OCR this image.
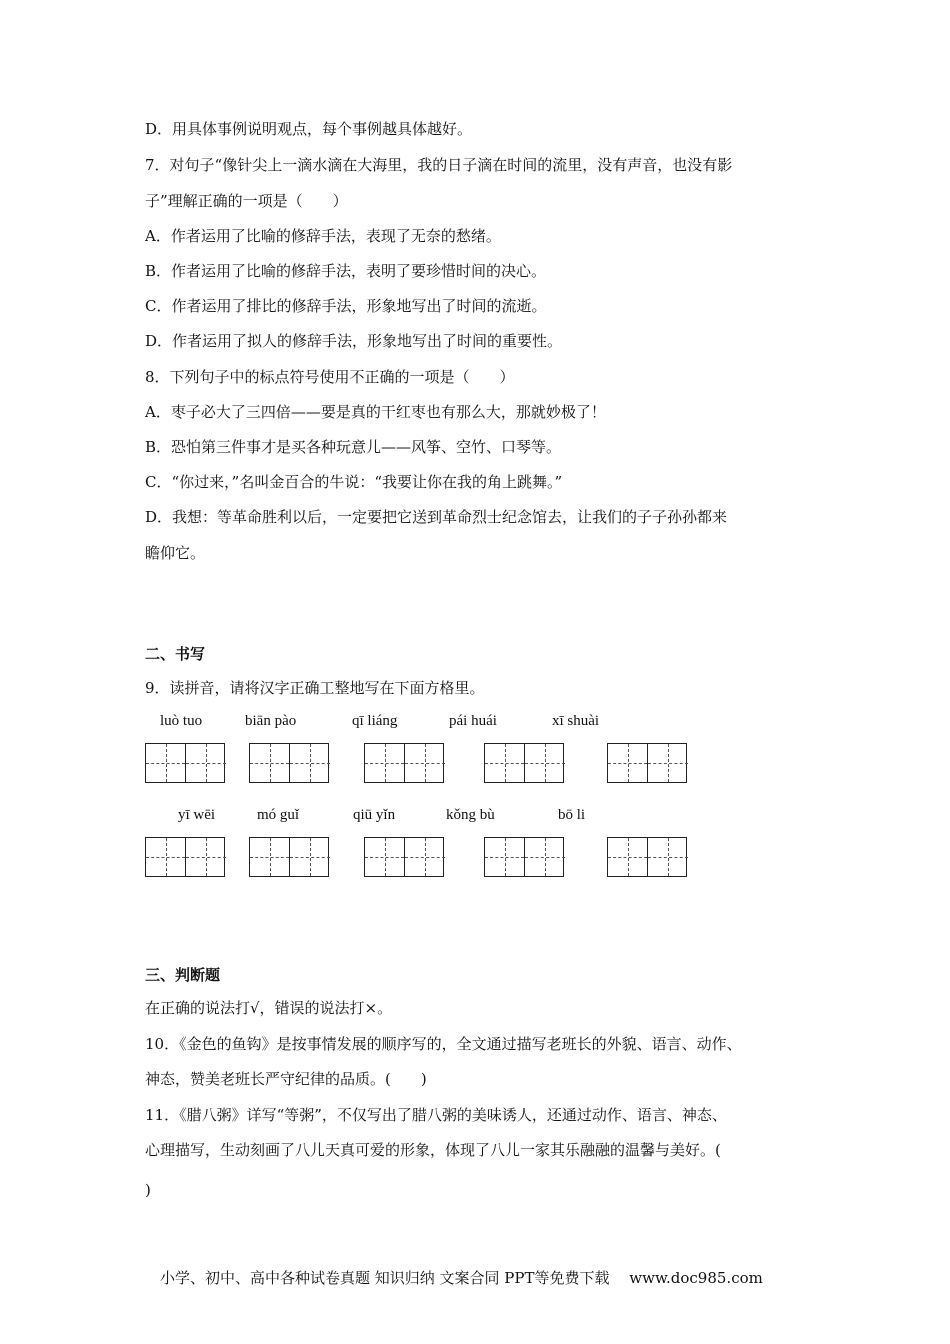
D．用具体事例说明观点，每个事例越具体越好。
7．对句子“像针尖上一滴水滴在大海里，我的日子滴在时间的流里，没有声音，也没有影
子”理解正确的一项是（　　）
A．作者运用了比喻的修辞手法，表现了无奈的愁绪。
B．作者运用了比喻的修辞手法，表明了要珍惜时间的决心。
C．作者运用了排比的修辞手法，形象地写出了时间的流逝。
D．作者运用了拟人的修辞手法，形象地写出了时间的重要性。
8．下列句子中的标点符号使用不正确的一项是（　　）
A．枣子必大了三四倍——要是真的干红枣也有那么大，那就妙极了！
B．恐怕第三件事才是买各种玩意儿——风筝、空竹、口琴等。
C．“你过来，”名叫金百合的牛说：“我要让你在我的角上跳舞。”
D．我想：等革命胜利以后，一定要把它送到革命烈士纪念馆去，让我们的子子孙孙都来
瞻仰它。
二、书写
9．读拼音，请将汉字正确工整地写在下面方格里。
luò tuo	biān pào	qī liáng	pái huái	xī shuài
yī wēi	mó guǐ	qiū yǐn	kǒng bù	bō li
三、判断题
在正确的说法打√，错误的说法打×。
10．《金色的鱼钩》是按事情发展的顺序写的，全文通过描写老班长的外貌、语言、动作、
神态，赞美老班长严守纪律的品质。(　　)
11．《腊八粥》详写“等粥”，不仅写出了腊八粥的美味诱人，还通过动作、语言、神态、
心理描写，生动刻画了八儿天真可爱的形象，体现了八儿一家其乐融融的温馨与美好。(
)
小学、初中、高中各种试卷真题 知识归纳 文案合同 PPT等免费下载　 www.doc985.com
